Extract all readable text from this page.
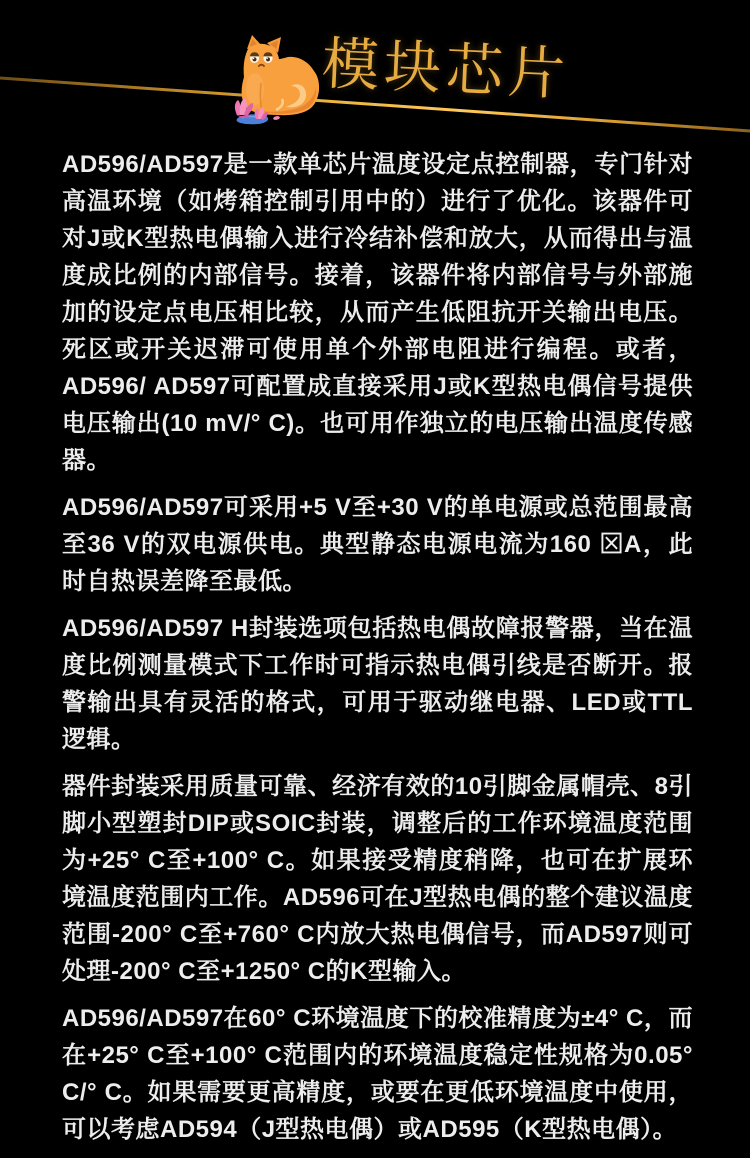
模块芯片

AD596/AD597是一款单芯片温度设定点控制器，专门针对高温环境（如烤箱控制引用中的）进行了优化。该器件可对J或K型热电偶输入进行冷结补偿和放大，从而得出与温度成比例的内部信号。接着，该器件将内部信号与外部施加的设定点电压相比较，从而产生低阻抗开关输出电压。死区或开关迟滞可使用单个外部电阻进行编程。或者，AD596/ AD597可配置成直接采用J或K型热电偶信号提供电压输出(10 mV/° C)。也可用作独立的电压输出温度传感器。

AD596/AD597可采用+5 V至+30 V的单电源或总范围最高至36 V的双电源供电。典型静态电源电流为160 ⊠A，此时自热误差降至最低。

AD596/AD597 H封装选项包括热电偶故障报警器，当在温度比例测量模式下工作时可指示热电偶引线是否断开。报警输出具有灵活的格式，可用于驱动继电器、LED或TTL逻辑。

器件封装采用质量可靠、经济有效的10引脚金属帽壳、8引脚小型塑封DIP或SOIC封装，调整后的工作环境温度范围为+25° C至+100° C。如果接受精度稍降，也可在扩展环境温度范围内工作。AD596可在J型热电偶的整个建议温度范围-200° C至+760° C内放大热电偶信号，而AD597则可处理-200° C至+1250° C的K型输入。

AD596/AD597在60° C环境温度下的校准精度为±4° C，而在+25° C至+100° C范围内的环境温度稳定性规格为0.05° C/° C。如果需要更高精度，或要在更低环境温度中使用，可以考虑AD594（J型热电偶）或AD595（K型热电偶）。
